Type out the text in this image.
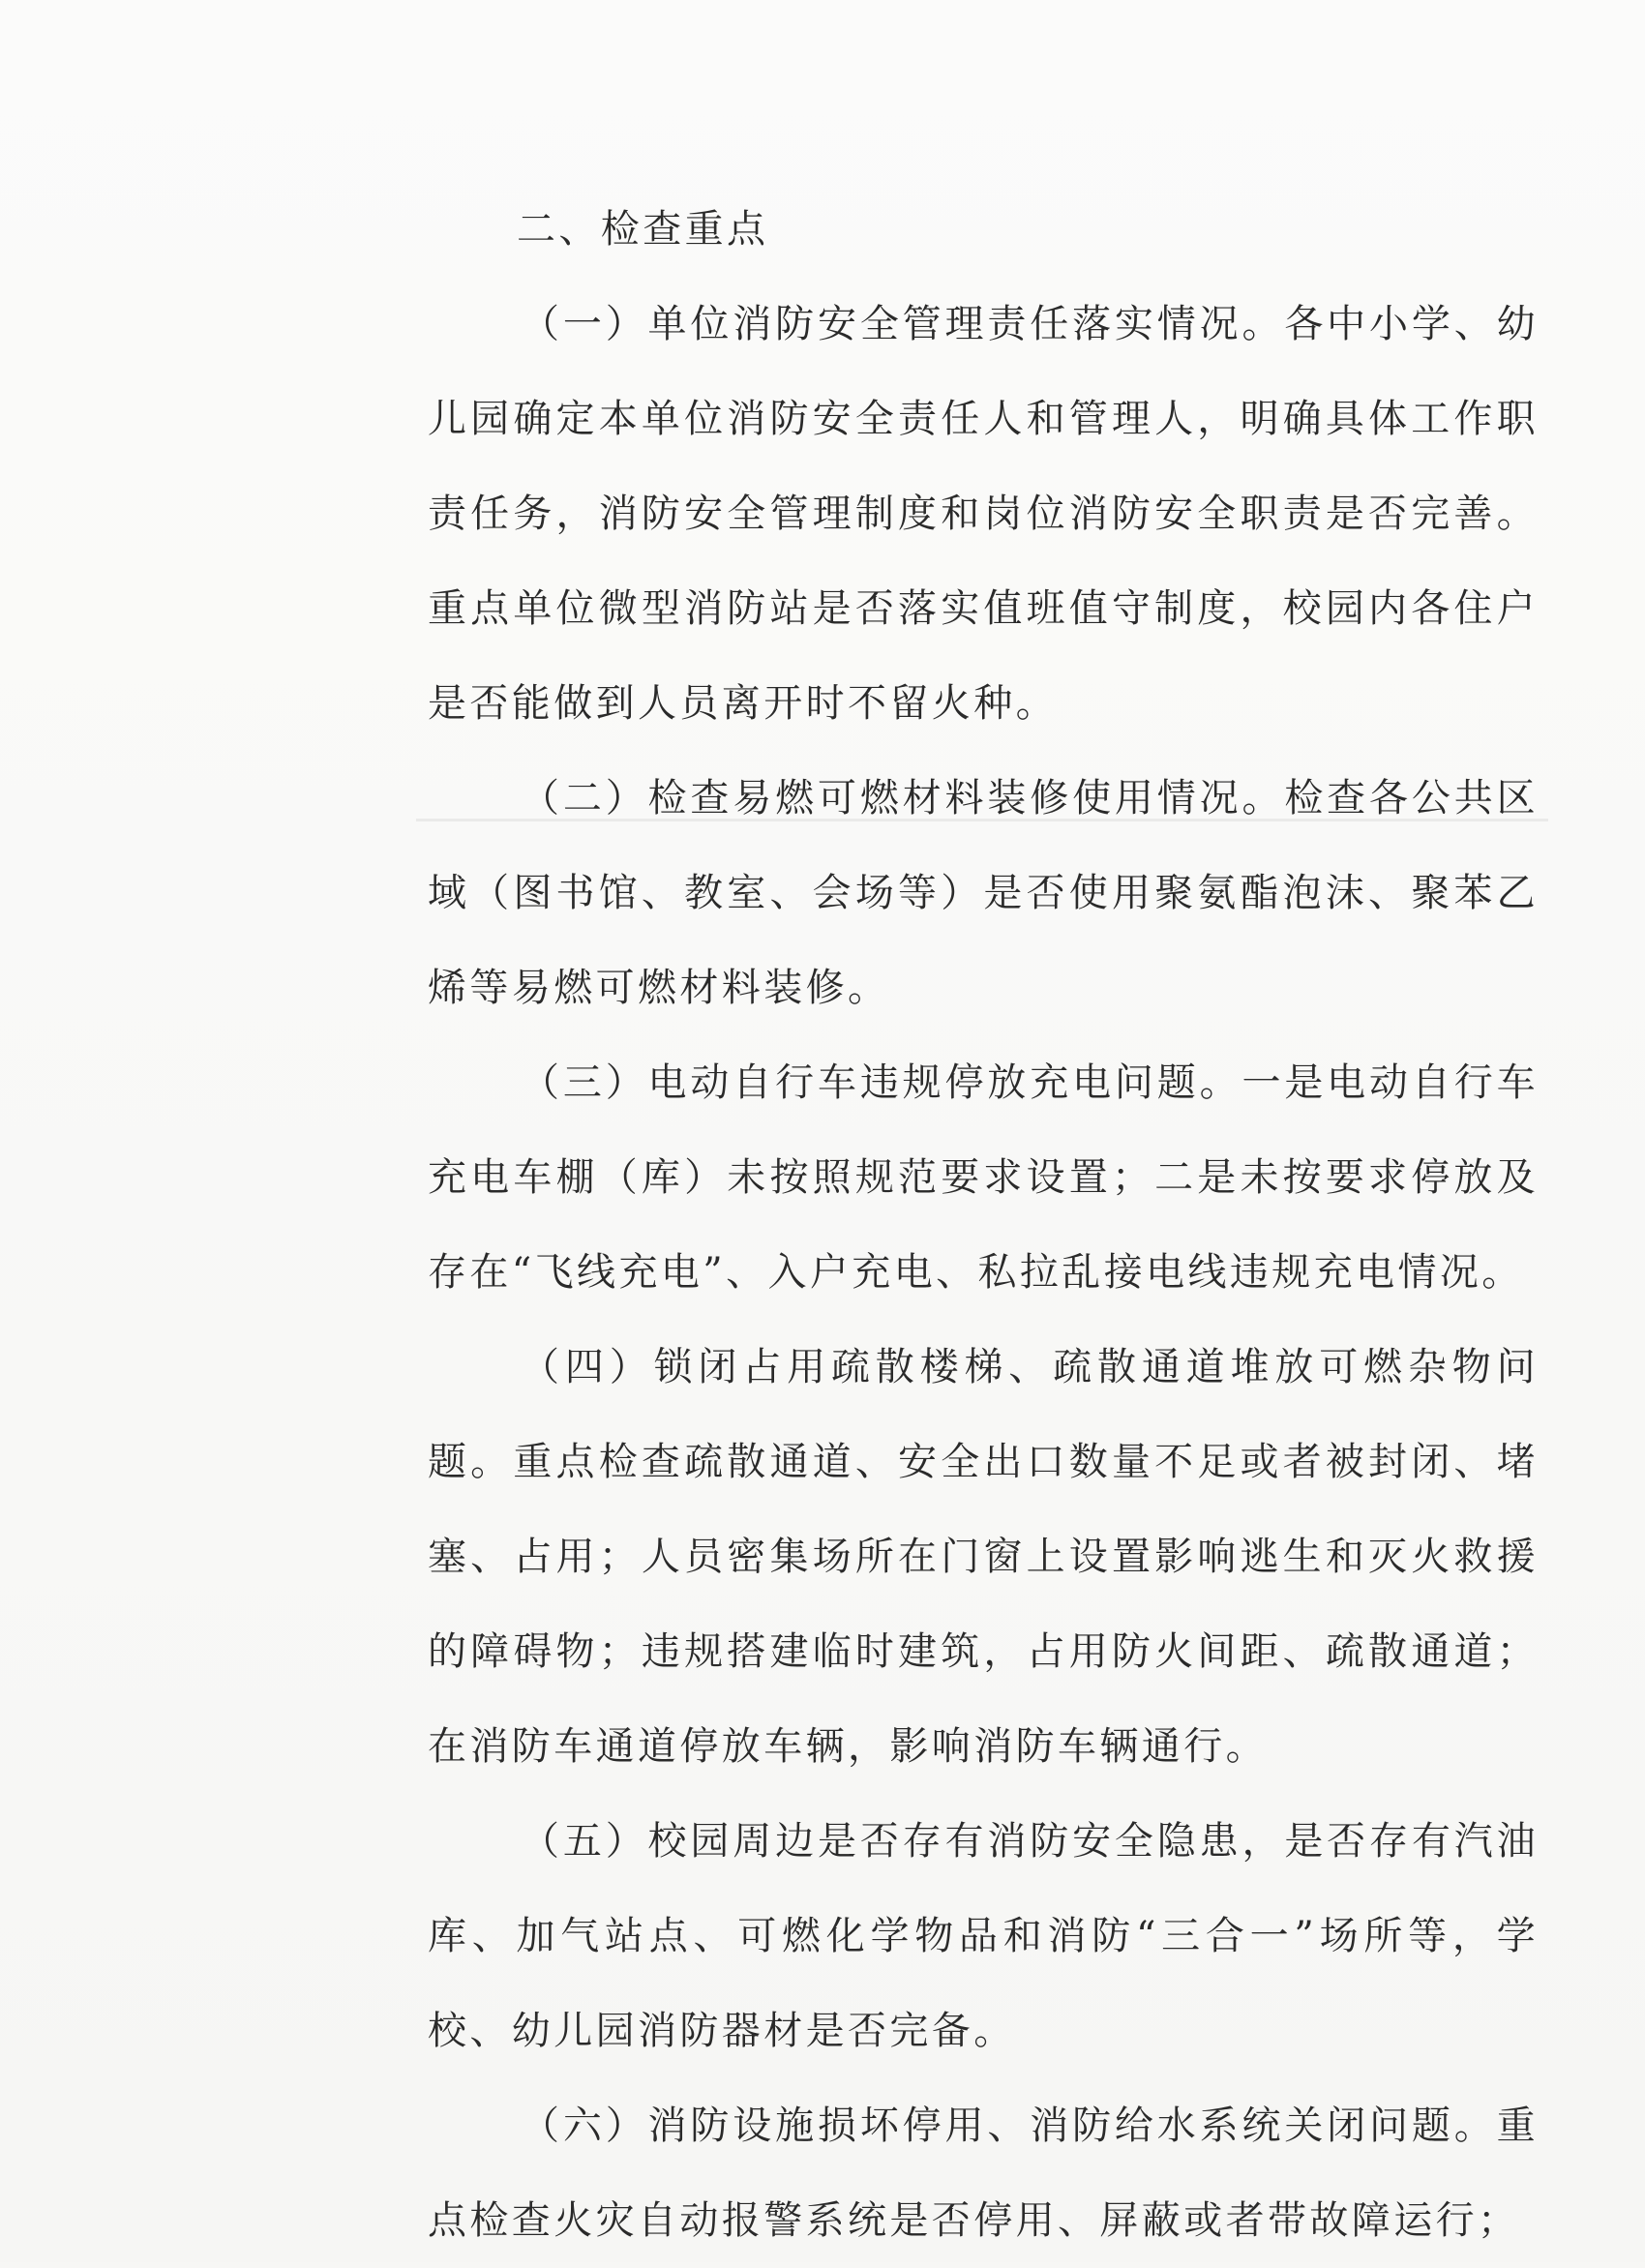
二、检查重点

（一）单位消防安全管理责任落实情况。各中小学、幼儿园确定本单位消防安全责任人和管理人，明确具体工作职责任务，消防安全管理制度和岗位消防安全职责是否完善。重点单位微型消防站是否落实值班值守制度，校园内各住户是否能做到人员离开时不留火种。

（二）检查易燃可燃材料装修使用情况。检查各公共区域（图书馆、教室、会场等）是否使用聚氨酯泡沫、聚苯乙烯等易燃可燃材料装修。

（三）电动自行车违规停放充电问题。一是电动自行车充电车棚（库）未按照规范要求设置；二是未按要求停放及存在“飞线充电”、入户充电、私拉乱接电线违规充电情况。

（四）锁闭占用疏散楼梯、疏散通道堆放可燃杂物问题。重点检查疏散通道、安全出口数量不足或者被封闭、堵塞、占用；人员密集场所在门窗上设置影响逃生和灭火救援的障碍物；违规搭建临时建筑，占用防火间距、疏散通道；在消防车通道停放车辆，影响消防车辆通行。

（五）校园周边是否存有消防安全隐患，是否存有汽油库、加气站点、可燃化学物品和消防“三合一”场所等，学校、幼儿园消防器材是否完备。

（六）消防设施损坏停用、消防给水系统关闭问题。重点检查火灾自动报警系统是否停用、屏蔽或者带故障运行；
